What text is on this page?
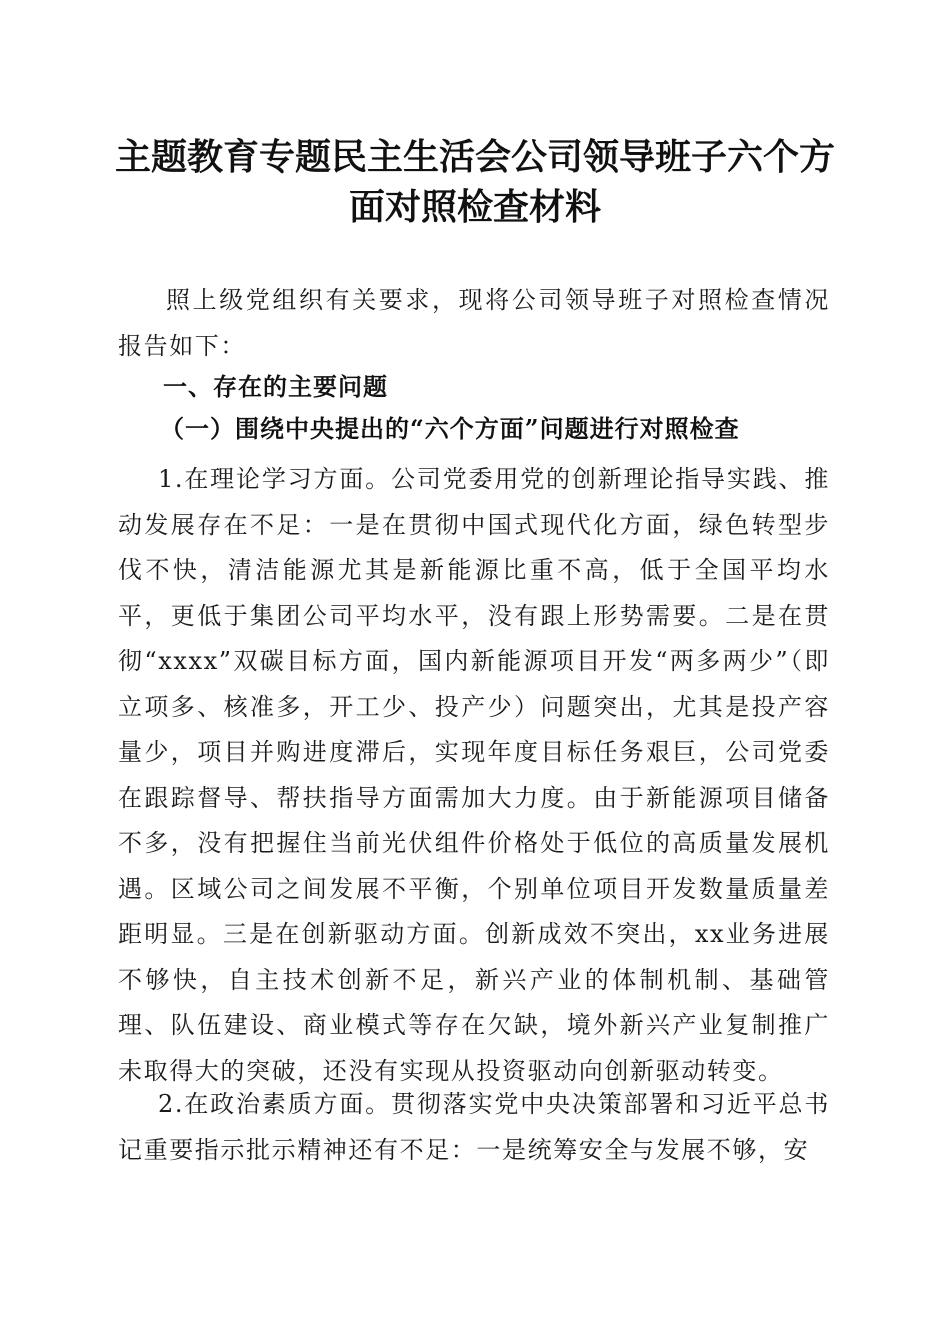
主题教育专题民主生活会公司领导班子六个方面对照检查材料

照上级党组织有关要求，现将公司领导班子对照检查情况报告如下：

一、存在的主要问题
（一）围绕中央提出的“六个方面”问题进行对照检查

1.在理论学习方面。公司党委用党的创新理论指导实践、推动发展存在不足：一是在贯彻中国式现代化方面，绿色转型步伐不快，清洁能源尤其是新能源比重不高，低于全国平均水平，更低于集团公司平均水平，没有跟上形势需要。二是在贯彻“xxxx”双碳目标方面，国内新能源项目开发“两多两少”（即立项多、核准多，开工少、投产少）问题突出，尤其是投产容量少，项目并购进度滞后，实现年度目标任务艰巨，公司党委在跟踪督导、帮扶指导方面需加大力度。由于新能源项目储备不多，没有把握住当前光伏组件价格处于低位的高质量发展机遇。区域公司之间发展不平衡，个别单位项目开发数量质量差距明显。三是在创新驱动方面。创新成效不突出，xx业务进展不够快，自主技术创新不足，新兴产业的体制机制、基础管理、队伍建设、商业模式等存在欠缺，境外新兴产业复制推广未取得大的突破，还没有实现从投资驱动向创新驱动转变。

2.在政治素质方面。贯彻落实党中央决策部署和习近平总书记重要指示批示精神还有不足：一是统筹安全与发展不够，安
